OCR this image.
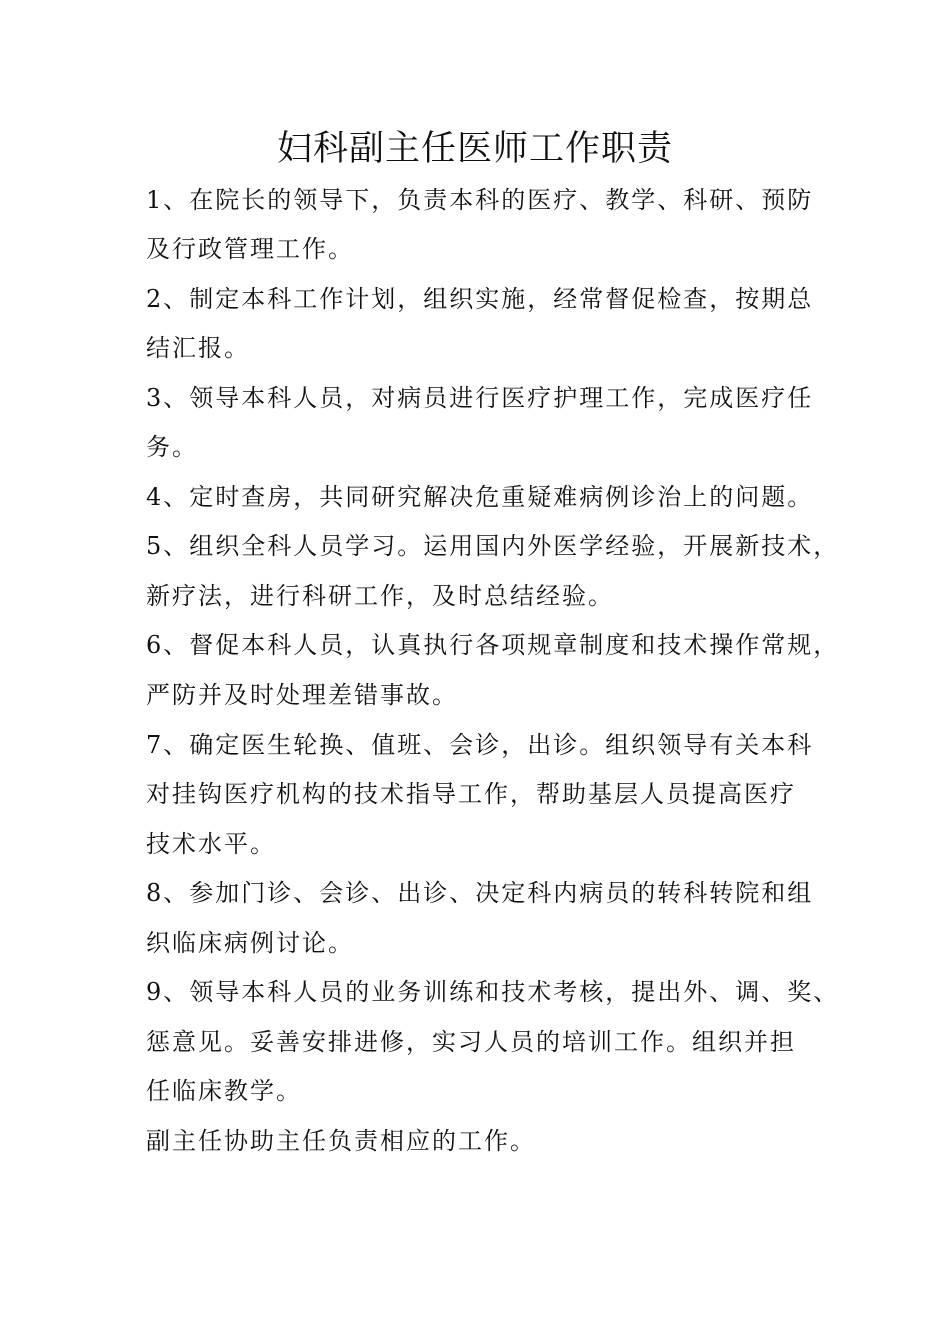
妇科副主任医师工作职责

1、在院长的领导下，负责本科的医疗、教学、科研、预防

及行政管理工作。

2、制定本科工作计划，组织实施，经常督促检查，按期总

结汇报。

3、领导本科人员，对病员进行医疗护理工作，完成医疗任

务。

4、定时查房，共同研究解决危重疑难病例诊治上的问题。

5、组织全科人员学习。运用国内外医学经验，开展新技术，

新疗法，进行科研工作，及时总结经验。

6、督促本科人员，认真执行各项规章制度和技术操作常规，

严防并及时处理差错事故。

7、确定医生轮换、值班、会诊，出诊。组织领导有关本科

对挂钩医疗机构的技术指导工作，帮助基层人员提高医疗

技术水平。

8、参加门诊、会诊、出诊、决定科内病员的转科转院和组

织临床病例讨论。

9、领导本科人员的业务训练和技术考核，提出外、调、奖、

惩意见。妥善安排进修，实习人员的培训工作。组织并担

任临床教学。

副主任协助主任负责相应的工作。
